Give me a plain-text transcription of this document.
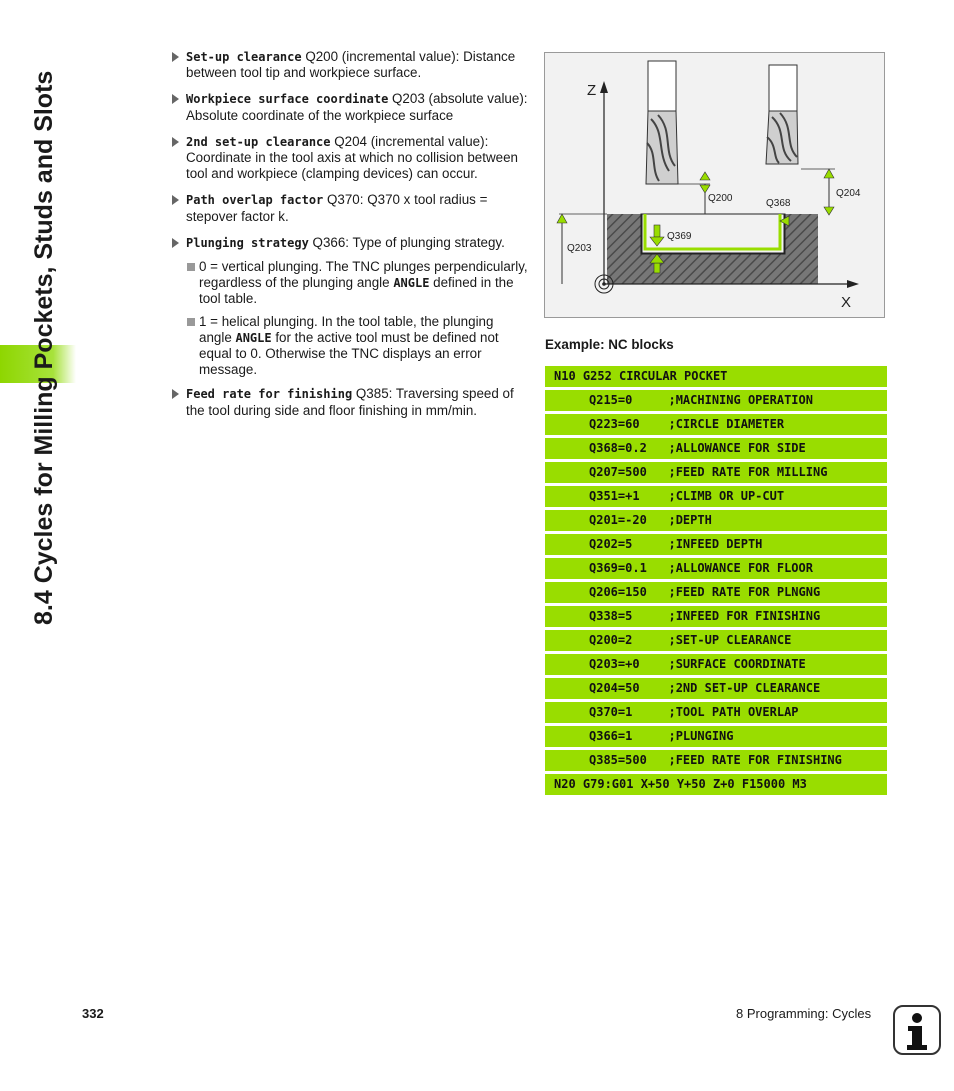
8.4 Cycles for Milling Pockets, Studs and Slots
Set-up clearance Q200 (incremental value): Distance between tool tip and workpiece surface.
Workpiece surface coordinate Q203 (absolute value): Absolute coordinate of the workpiece surface
2nd set-up clearance Q204 (incremental value): Coordinate in the tool axis at which no collision between tool and workpiece (clamping devices) can occur.
Path overlap factor Q370: Q370 x tool radius = stepover factor k.
Plunging strategy Q366: Type of plunging strategy.
0 = vertical plunging. The TNC plunges perpendicularly, regardless of the plunging angle ANGLE defined in the tool table.
1 = helical plunging. In the tool table, the plunging angle ANGLE for the active tool must be defined not equal to 0. Otherwise the TNC displays an error message.
Feed rate for finishing Q385: Traversing speed of the tool during side and floor finishing in mm/min.
Z
X
Q200	Q368
Q204
Q369
Q203
Example: NC blocks
N10 G252 CIRCULAR POCKET
Q215=0     ;MACHINING OPERATION
Q223=60    ;CIRCLE DIAMETER
Q368=0.2   ;ALLOWANCE FOR SIDE
Q207=500   ;FEED RATE FOR MILLING
Q351=+1    ;CLIMB OR UP-CUT
Q201=-20   ;DEPTH
Q202=5     ;INFEED DEPTH
Q369=0.1   ;ALLOWANCE FOR FLOOR
Q206=150   ;FEED RATE FOR PLNGNG
Q338=5     ;INFEED FOR FINISHING
Q200=2     ;SET-UP CLEARANCE
Q203=+0    ;SURFACE COORDINATE
Q204=50    ;2ND SET-UP CLEARANCE
Q370=1     ;TOOL PATH OVERLAP
Q366=1     ;PLUNGING
Q385=500   ;FEED RATE FOR FINISHING
N20 G79:G01 X+50 Y+50 Z+0 F15000 M3
332	8 Programming: Cycles
